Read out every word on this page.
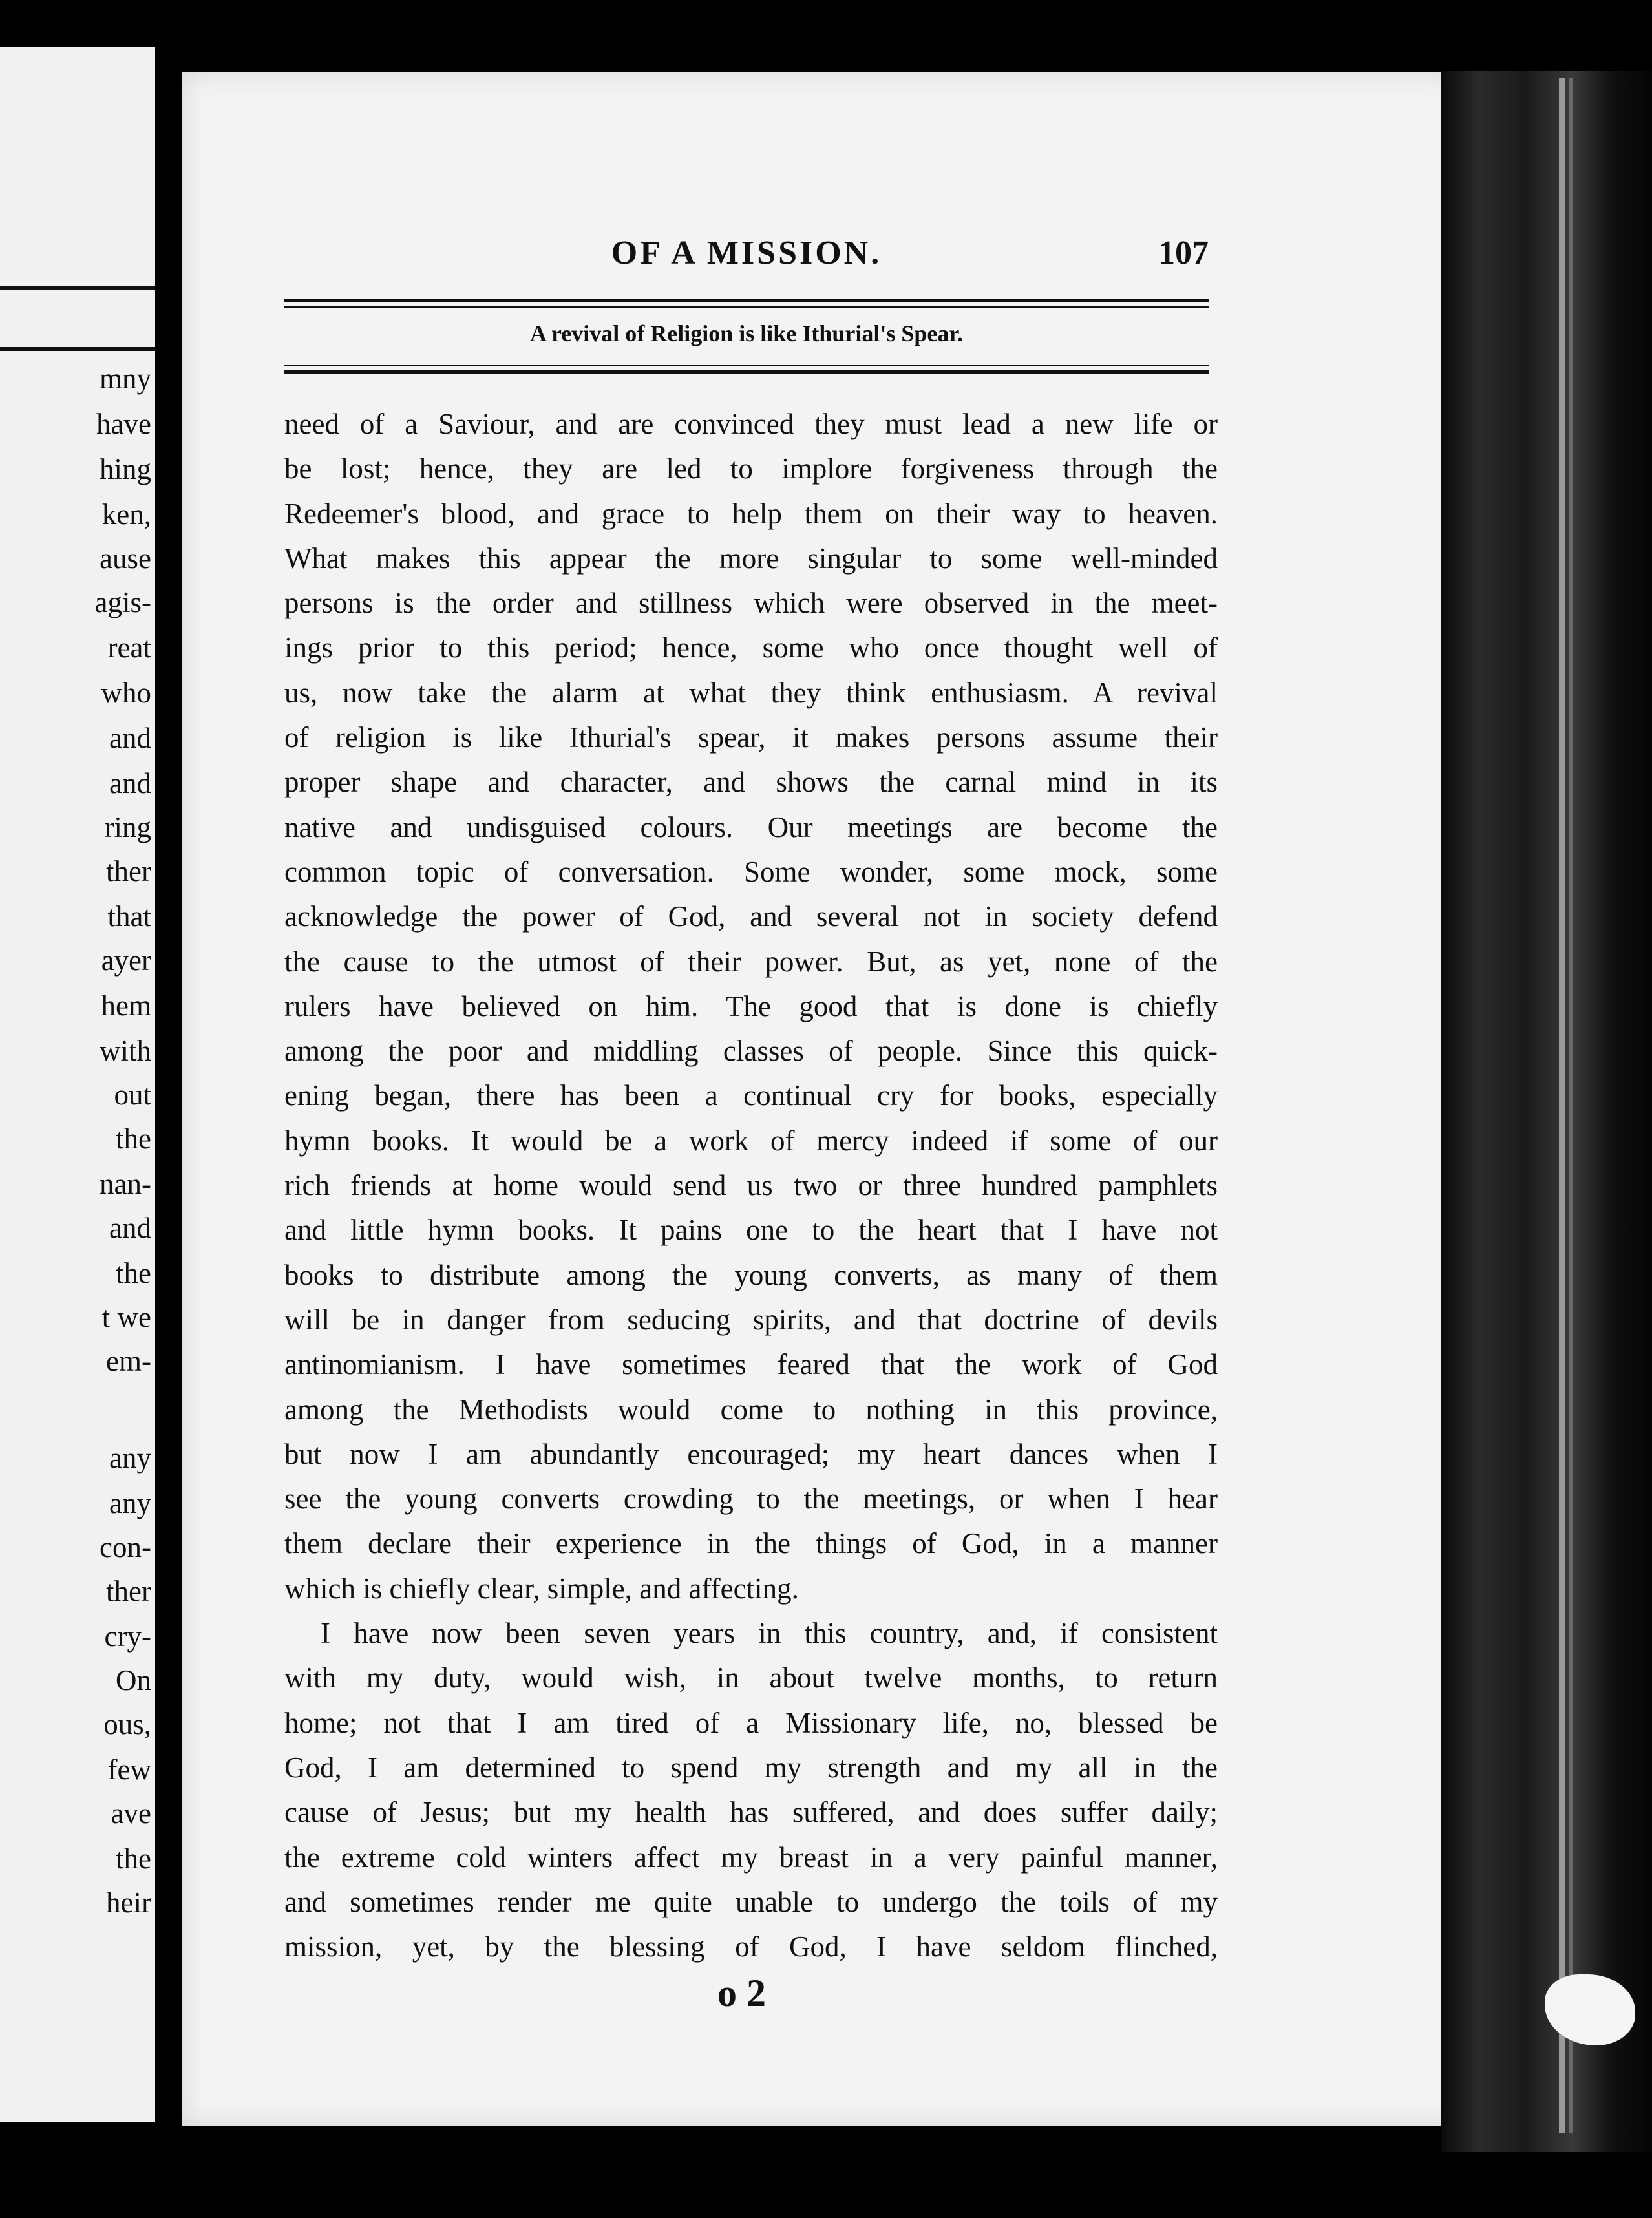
mny
have
hing
ken,
ause
agis-
reat
who
and
and
ring
ther
that
ayer
hem
with
out
the
nan-
and
the
t we
em-
any
any
con-
ther
cry-
On
ous,
few
ave
the
heir
OF A MISSION.	107
A revival of Religion is like Ithurial's Spear.
need of a Saviour, and are convinced they must lead a new life or
be lost; hence, they are led to implore forgiveness through the
Redeemer's blood, and grace to help them on their way to heaven.
What makes this appear the more singular to some well-minded
persons is the order and stillness which were observed in the meet-
ings prior to this period; hence, some who once thought well of
us, now take the alarm at what they think enthusiasm. A revival
of religion is like Ithurial's spear, it makes persons assume their
proper shape and character, and shows the carnal mind in its
native and undisguised colours. Our meetings are become the
common topic of conversation. Some wonder, some mock, some
acknowledge the power of God, and several not in society defend
the cause to the utmost of their power. But, as yet, none of the
rulers have believed on him. The good that is done is chiefly
among the poor and middling classes of people. Since this quick-
ening began, there has been a continual cry for books, especially
hymn books. It would be a work of mercy indeed if some of our
rich friends at home would send us two or three hundred pamphlets
and little hymn books. It pains one to the heart that I have not
books to distribute among the young converts, as many of them
will be in danger from seducing spirits, and that doctrine of devils
antinomianism. I have sometimes feared that the work of God
among the Methodists would come to nothing in this province,
but now I am abundantly encouraged; my heart dances when I
see the young converts crowding to the meetings, or when I hear
them declare their experience in the things of God, in a manner
which is chiefly clear, simple, and affecting.
I have now been seven years in this country, and, if consistent
with my duty, would wish, in about twelve months, to return
home; not that I am tired of a Missionary life, no, blessed be
God, I am determined to spend my strength and my all in the
cause of Jesus; but my health has suffered, and does suffer daily;
the extreme cold winters affect my breast in a very painful manner,
and sometimes render me quite unable to undergo the toils of my
mission, yet, by the blessing of God, I have seldom flinched,
o 2
